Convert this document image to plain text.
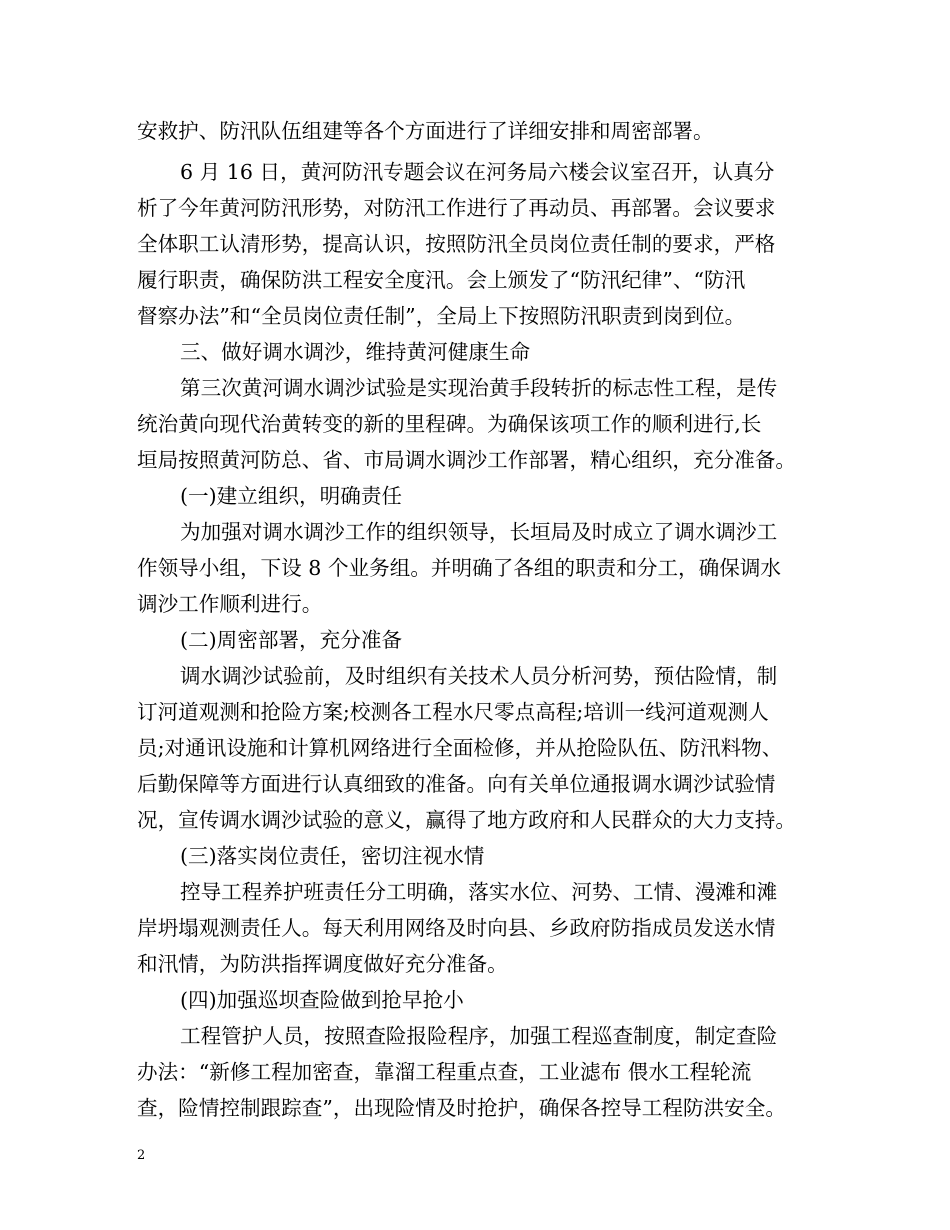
安救护、防汛队伍组建等各个方面进行了详细安排和周密部署。
6 月 16 日，黄河防汛专题会议在河务局六楼会议室召开，认真分
析了今年黄河防汛形势，对防汛工作进行了再动员、再部署。会议要求
全体职工认清形势，提高认识，按照防汛全员岗位责任制的要求，严格
履行职责，确保防洪工程安全度汛。会上颁发了“防汛纪律”、“防汛
督察办法”和“全员岗位责任制”，全局上下按照防汛职责到岗到位。
三、做好调水调沙，维持黄河健康生命
第三次黄河调水调沙试验是实现治黄手段转折的标志性工程，是传
统治黄向现代治黄转变的新的里程碑。为确保该项工作的顺利进行,长
垣局按照黄河防总、省、市局调水调沙工作部署，精心组织，充分准备。
(一)建立组织，明确责任
为加强对调水调沙工作的组织领导，长垣局及时成立了调水调沙工
作领导小组，下设 8 个业务组。并明确了各组的职责和分工，确保调水
调沙工作顺利进行。
(二)周密部署，充分准备
调水调沙试验前，及时组织有关技术人员分析河势，预估险情，制
订河道观测和抢险方案;校测各工程水尺零点高程;培训一线河道观测人
员;对通讯设施和计算机网络进行全面检修，并从抢险队伍、防汛料物、
后勤保障等方面进行认真细致的准备。向有关单位通报调水调沙试验情
况，宣传调水调沙试验的意义，赢得了地方政府和人民群众的大力支持。
(三)落实岗位责任，密切注视水情
控导工程养护班责任分工明确，落实水位、河势、工情、漫滩和滩
岸坍塌观测责任人。每天利用网络及时向县、乡政府防指成员发送水情
和汛情，为防洪指挥调度做好充分准备。
(四)加强巡坝查险做到抢早抢小
工程管护人员，按照查险报险程序，加强工程巡查制度，制定查险
办法：“新修工程加密查，靠溜工程重点查，工业滤布 偎水工程轮流
查，险情控制跟踪查”，出现险情及时抢护，确保各控导工程防洪安全。
2
